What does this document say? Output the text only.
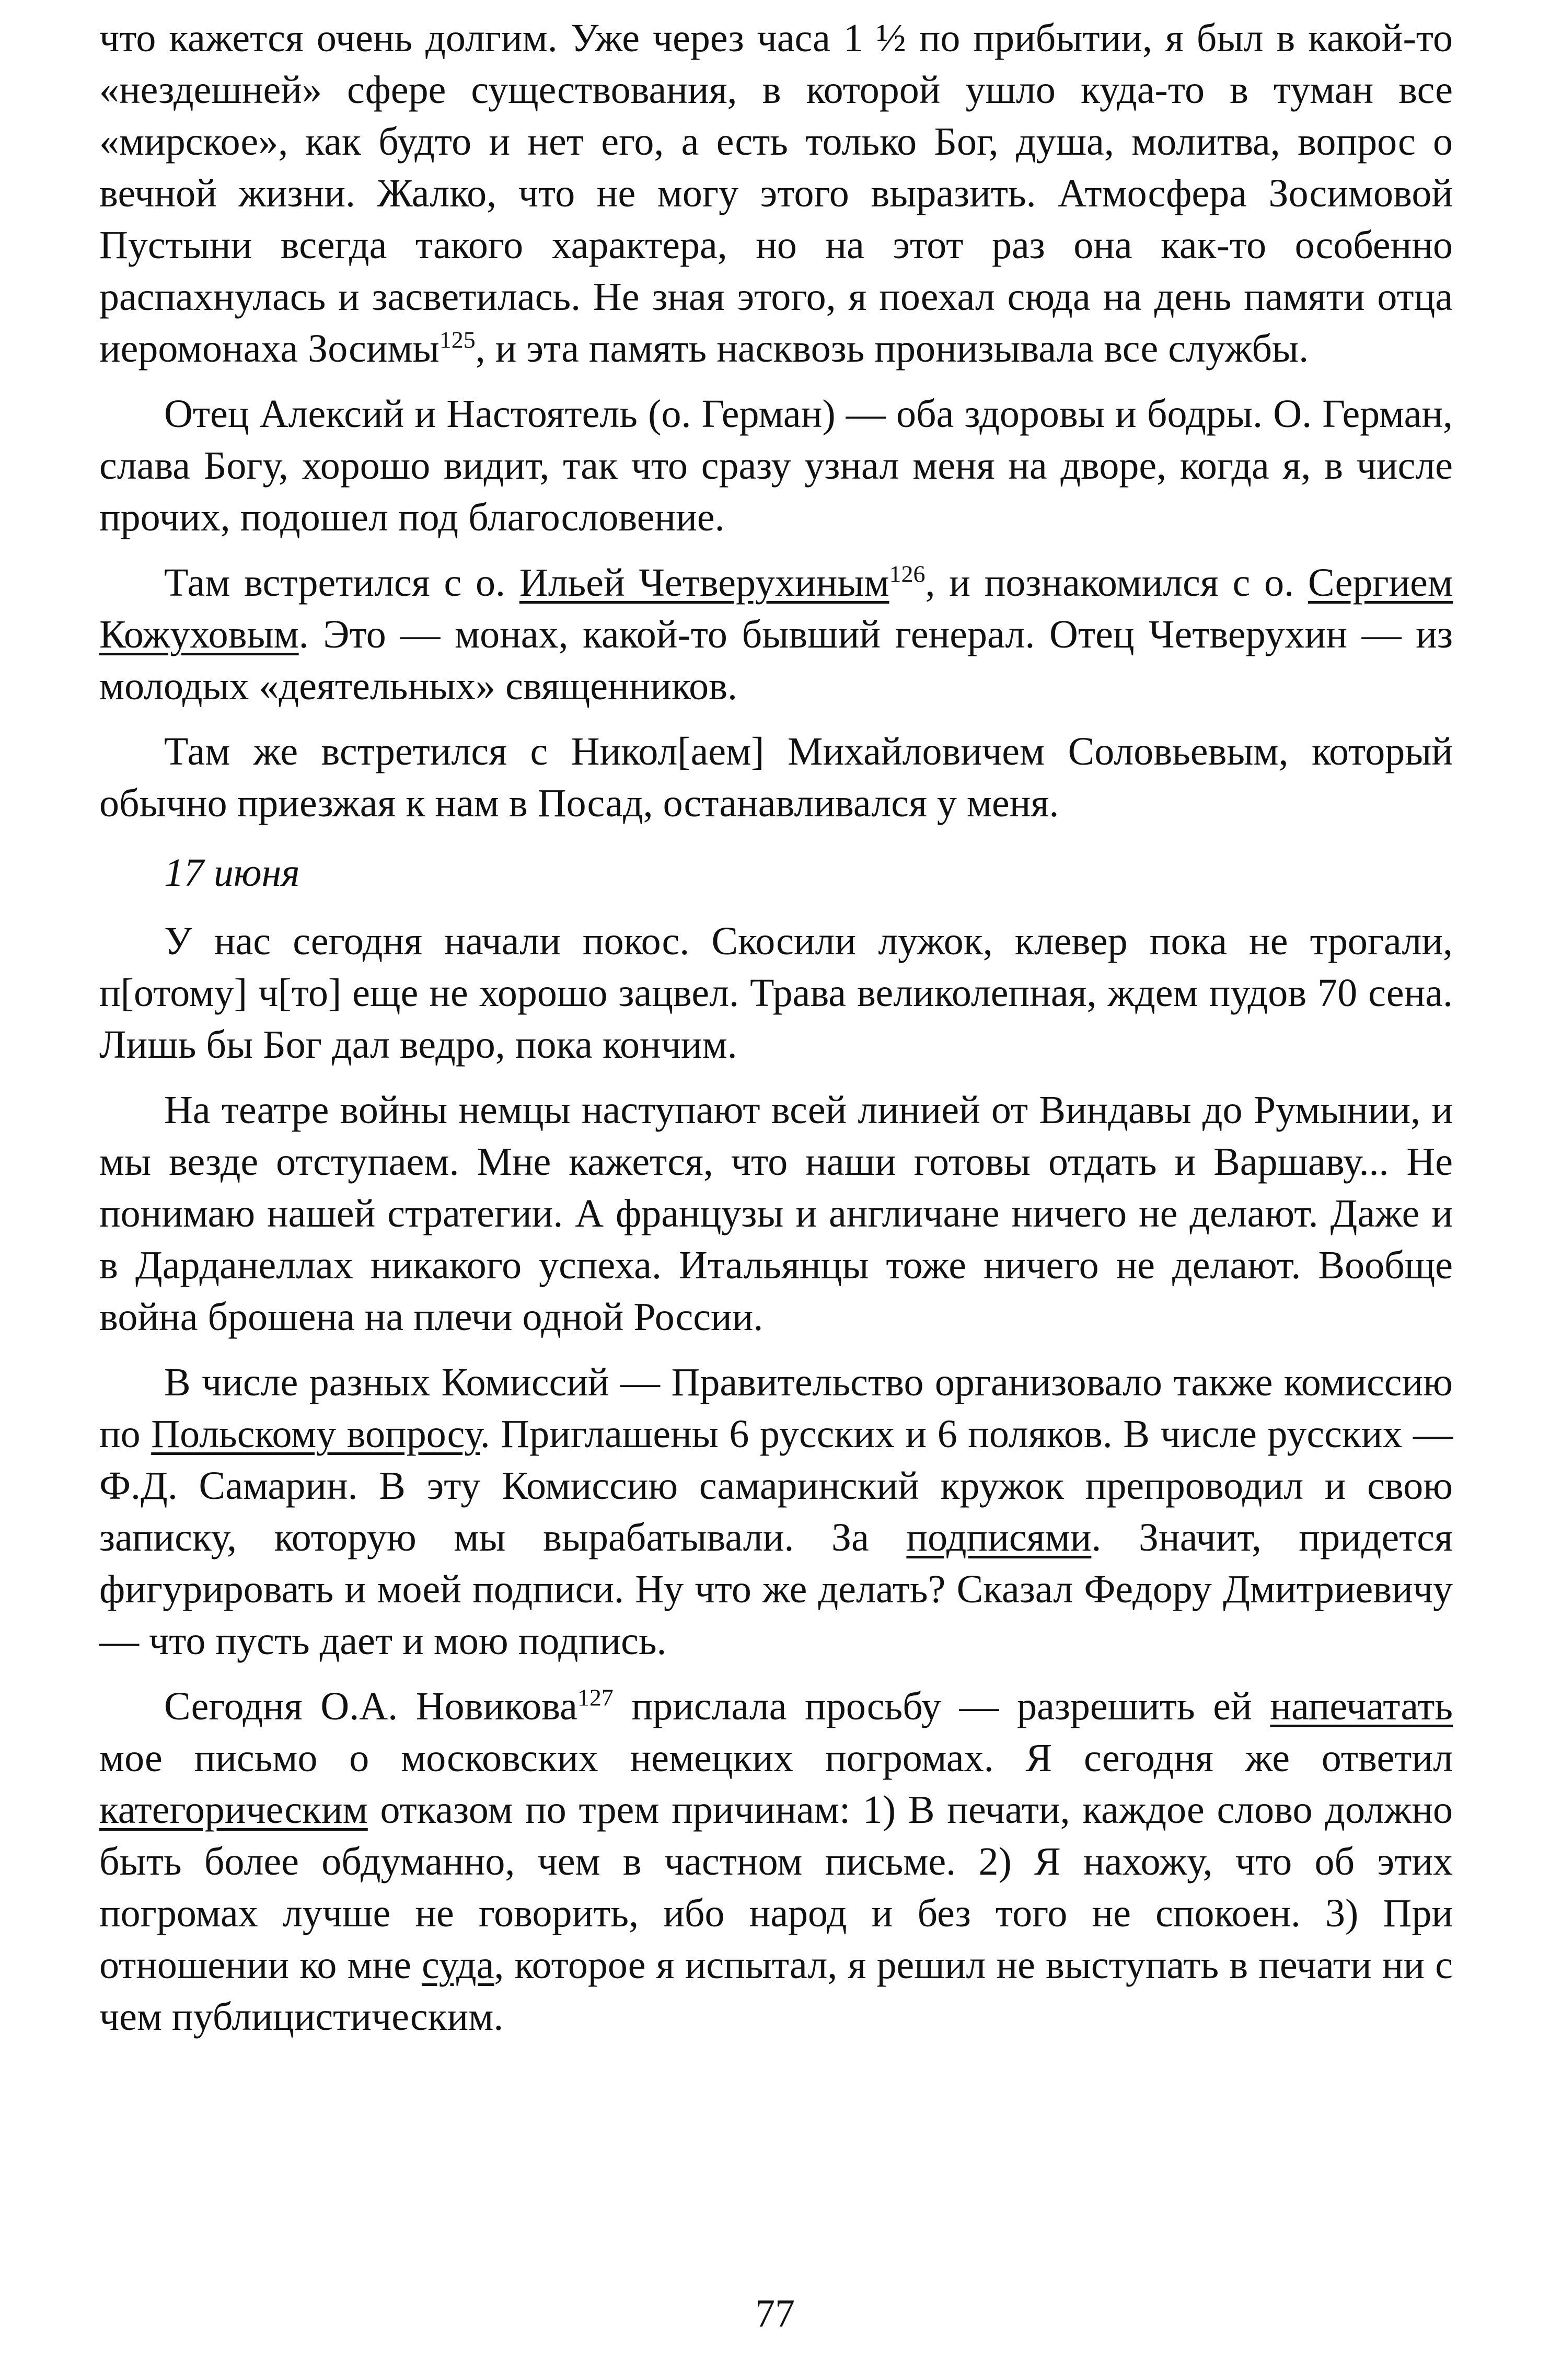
что кажется очень долгим. Уже через часа 1 ½ по прибытии, я был в какой-то «нездешней» сфере существования, в которой ушло куда-то в туман все «мирское», как будто и нет его, а есть только Бог, душа, молитва, вопрос о вечной жизни. Жалко, что не могу этого выразить. Атмосфера Зосимовой Пустыни всегда такого характера, но на этот раз она как-то особенно распахнулась и засветилась. Не зная этого, я поехал сюда на день памяти отца иеромонаха Зосимы$^{125}$, и эта память насквозь пронизывала все службы.

Отец Алексий и Настоятель (о. Герман) — оба здоровы и бодры. О. Герман, слава Богу, хорошо видит, так что сразу узнал меня на дворе, когда я, в числе прочих, подошел под благословение.

Там встретился с о. Ильей Четверухиным$^{126}$, и познакомился с о. Сергием Кожуховым. Это — монах, какой-то бывший генерал. Отец Четверухин — из молодых «деятельных» священников.

Там же встретился с Никол[аем] Михайловичем Соловьевым, который обычно приезжая к нам в Посад, останавливался у меня.

17 июня

У нас сегодня начали покос. Скосили лужок, клевер пока не трогали, п[отому] ч[то] еще не хорошо зацвел. Трава великолепная, ждем пудов 70 сена. Лишь бы Бог дал ведро, пока кончим.

На театре войны немцы наступают всей линией от Виндавы до Румынии, и мы везде отступаем. Мне кажется, что наши готовы отдать и Варшаву... Не понимаю нашей стратегии. А французы и англичане ничего не делают. Даже и в Дарданеллах никакого успеха. Итальянцы тоже ничего не делают. Вообще война брошена на плечи одной России.

В числе разных Комиссий — Правительство организовало также комиссию по Польскому вопросу. Приглашены 6 русских и 6 поляков. В числе русских — Ф.Д. Самарин. В эту Комиссию самаринский кружок препроводил и свою записку, которую мы вырабатывали. За подписями. Значит, придется фигурировать и моей подписи. Ну что же делать? Сказал Федору Дмитриевичу — что пусть дает и мою подпись.

Сегодня О.А. Новикова$^{127}$ прислала просьбу — разрешить ей напечатать мое письмо о московских немецких погромах. Я сегодня же ответил категорическим отказом по трем причинам: 1) В печати, каждое слово должно быть более обдуманно, чем в частном письме. 2) Я нахожу, что об этих погромах лучше не говорить, ибо народ и без того не спокоен. 3) При отношении ко мне суда, которое я испытал, я решил не выступать в печати ни с чем публицистическим.

77
